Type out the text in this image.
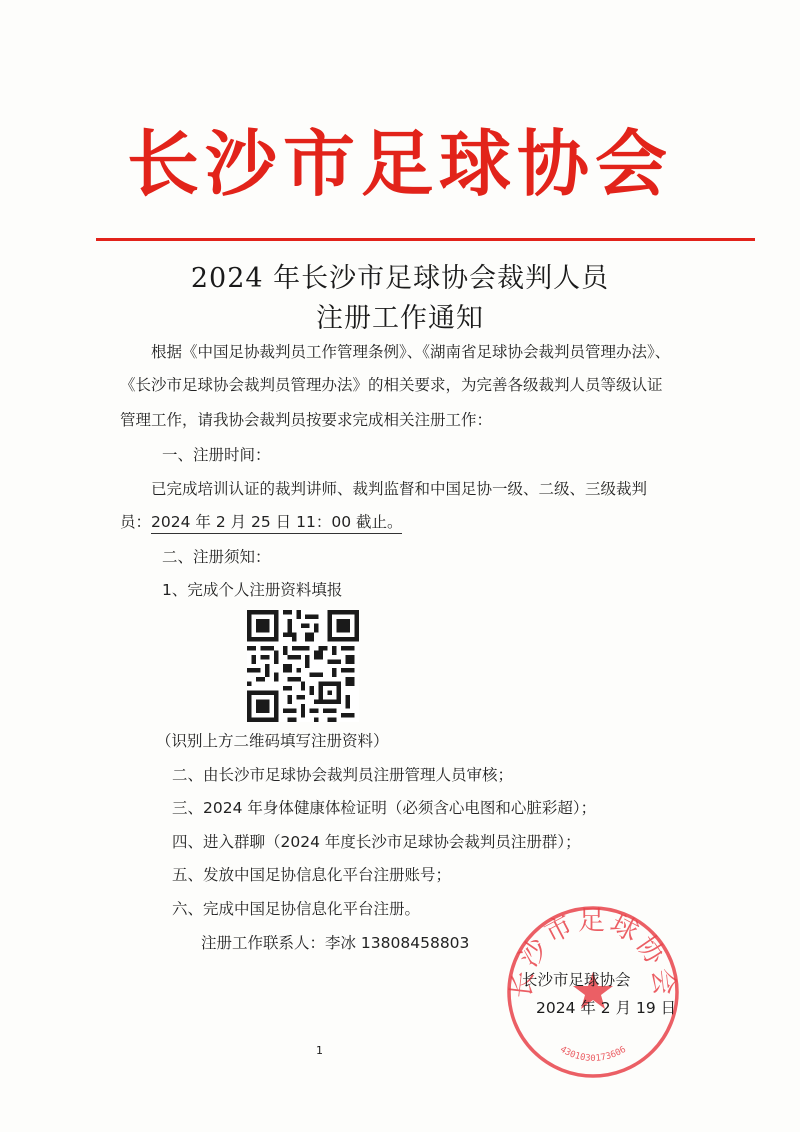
长沙市足球协会
2024 年长沙市足球协会裁判人员
注册工作通知
根据《中国足协裁判员工作管理条例》、《湖南省足球协会裁判员管理办法》、
《长沙市足球协会裁判员管理办法》的相关要求，为完善各级裁判人员等级认证
管理工作，请我协会裁判员按要求完成相关注册工作：
一、注册时间：
已完成培训认证的裁判讲师、裁判监督和中国足协一级、二级、三级裁判
员：2024 年 2 月 25 日 11：00 截止。
二、注册须知：
1、完成个人注册资料填报
（识别上方二维码填写注册资料）
二、由长沙市足球协会裁判员注册管理人员审核；
三、2024 年身体健康体检证明（必须含心电图和心脏彩超）；
四、进入群聊（2024 年度长沙市足球协会裁判员注册群）；
五、发放中国足协信息化平台注册账号；
六、完成中国足协信息化平台注册。
注册工作联系人：李冰 13808458803
长沙市足球协会
4301030173606
长沙市足球协会
2024 年 2 月 19 日
1
